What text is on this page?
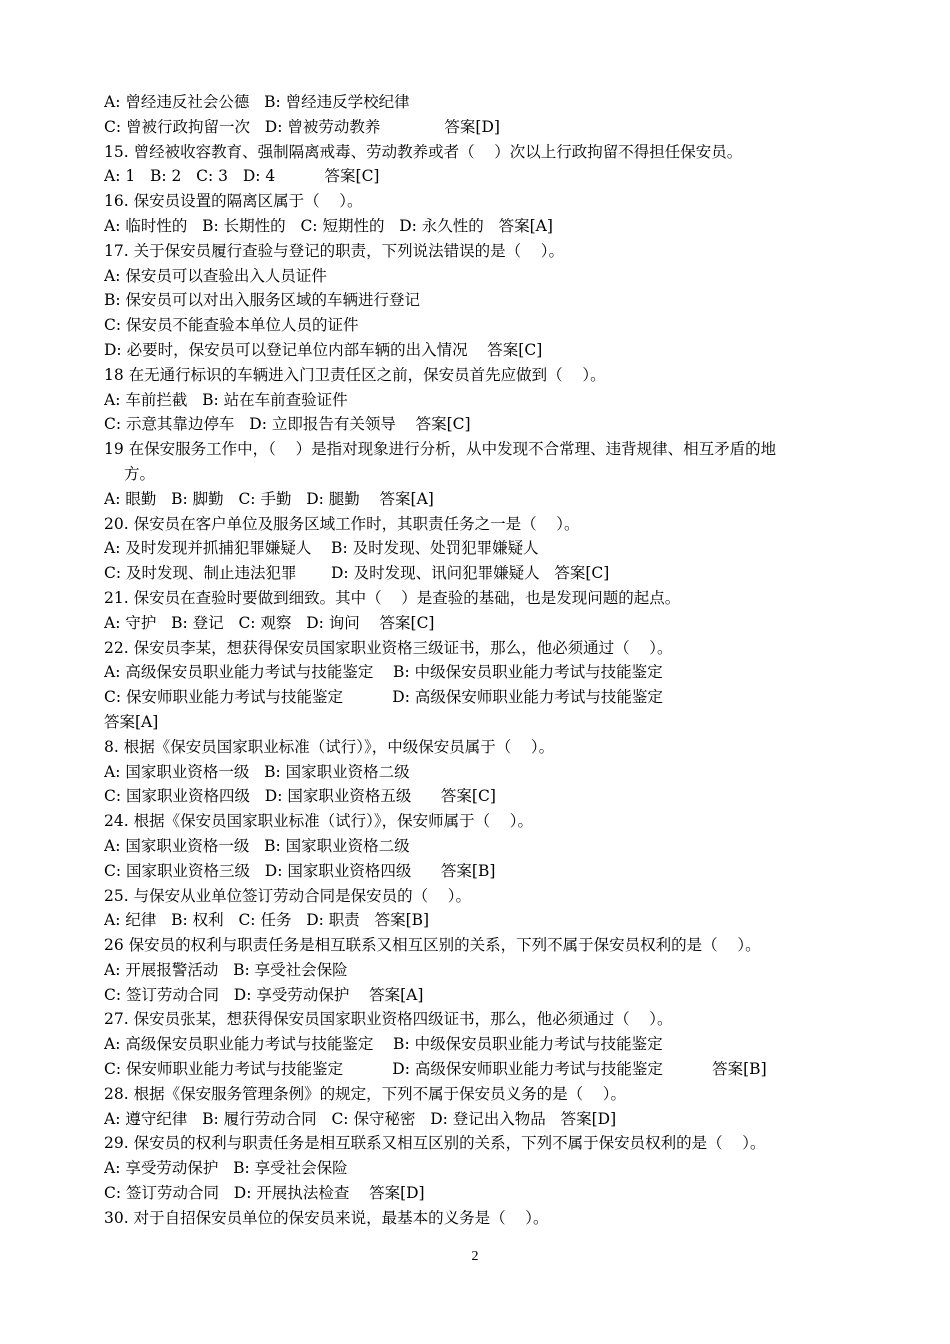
A: 曾经违反社会公德   B: 曾经违反学校纪律
C: 曾被行政拘留一次   D: 曾被劳动教养             答案[D]
15. 曾经被收容教育、强制隔离戒毒、劳动教养或者（    ）次以上行政拘留不得担任保安员。
A: 1   B: 2   C: 3   D: 4          答案[C]
16. 保安员设置的隔离区属于（    ）。
A: 临时性的   B: 长期性的   C: 短期性的   D: 永久性的   答案[A]
17. 关于保安员履行查验与登记的职责，下列说法错误的是（    ）。
A: 保安员可以查验出入人员证件
B: 保安员可以对出入服务区域的车辆进行登记
C: 保安员不能查验本单位人员的证件
D: 必要时，保安员可以登记单位内部车辆的出入情况    答案[C]
18 在无通行标识的车辆进入门卫责任区之前，保安员首先应做到（    ）。
A: 车前拦截   B: 站在车前查验证件
C: 示意其靠边停车   D: 立即报告有关领导    答案[C]
19 在保安服务工作中，（    ）是指对现象进行分析，从中发现不合常理、违背规律、相互矛盾的地
方。
A: 眼勤   B: 脚勤   C: 手勤   D: 腿勤    答案[A]
20. 保安员在客户单位及服务区域工作时，其职责任务之一是（    ）。
A: 及时发现并抓捕犯罪嫌疑人    B: 及时发现、处罚犯罪嫌疑人
C: 及时发现、制止违法犯罪       D: 及时发现、讯问犯罪嫌疑人   答案[C]
21. 保安员在查验时要做到细致。其中（    ）是查验的基础，也是发现问题的起点。
A: 守护   B: 登记   C: 观察   D: 询问    答案[C]
22. 保安员李某，想获得保安员国家职业资格三级证书，那么，他必须通过（    ）。
A: 高级保安员职业能力考试与技能鉴定    B: 中级保安员职业能力考试与技能鉴定
C: 保安师职业能力考试与技能鉴定          D: 高级保安师职业能力考试与技能鉴定
答案[A]
8. 根据《保安员国家职业标准（试行）》，中级保安员属于（    ）。
A: 国家职业资格一级   B: 国家职业资格二级
C: 国家职业资格四级   D: 国家职业资格五级      答案[C]
24. 根据《保安员国家职业标准（试行）》，保安师属于（    ）。
A: 国家职业资格一级   B: 国家职业资格二级
C: 国家职业资格三级   D: 国家职业资格四级      答案[B]
25. 与保安从业单位签订劳动合同是保安员的（    ）。
A: 纪律   B: 权利   C: 任务   D: 职责   答案[B]
26 保安员的权利与职责任务是相互联系又相互区别的关系，下列不属于保安员权利的是（    ）。
A: 开展报警活动   B: 享受社会保险
C: 签订劳动合同   D: 享受劳动保护    答案[A]
27. 保安员张某，想获得保安员国家职业资格四级证书，那么，他必须通过（    ）。
A: 高级保安员职业能力考试与技能鉴定    B: 中级保安员职业能力考试与技能鉴定
C: 保安师职业能力考试与技能鉴定          D: 高级保安师职业能力考试与技能鉴定          答案[B]
28. 根据《保安服务管理条例》的规定，下列不属于保安员义务的是（    ）。
A: 遵守纪律   B: 履行劳动合同   C: 保守秘密   D: 登记出入物品   答案[D]
29. 保安员的权利与职责任务是相互联系又相互区别的关系，下列不属于保安员权利的是（    ）。
A: 享受劳动保护   B: 享受社会保险
C: 签订劳动合同   D: 开展执法检查    答案[D]
30. 对于自招保安员单位的保安员来说，最基本的义务是（    ）。
2
